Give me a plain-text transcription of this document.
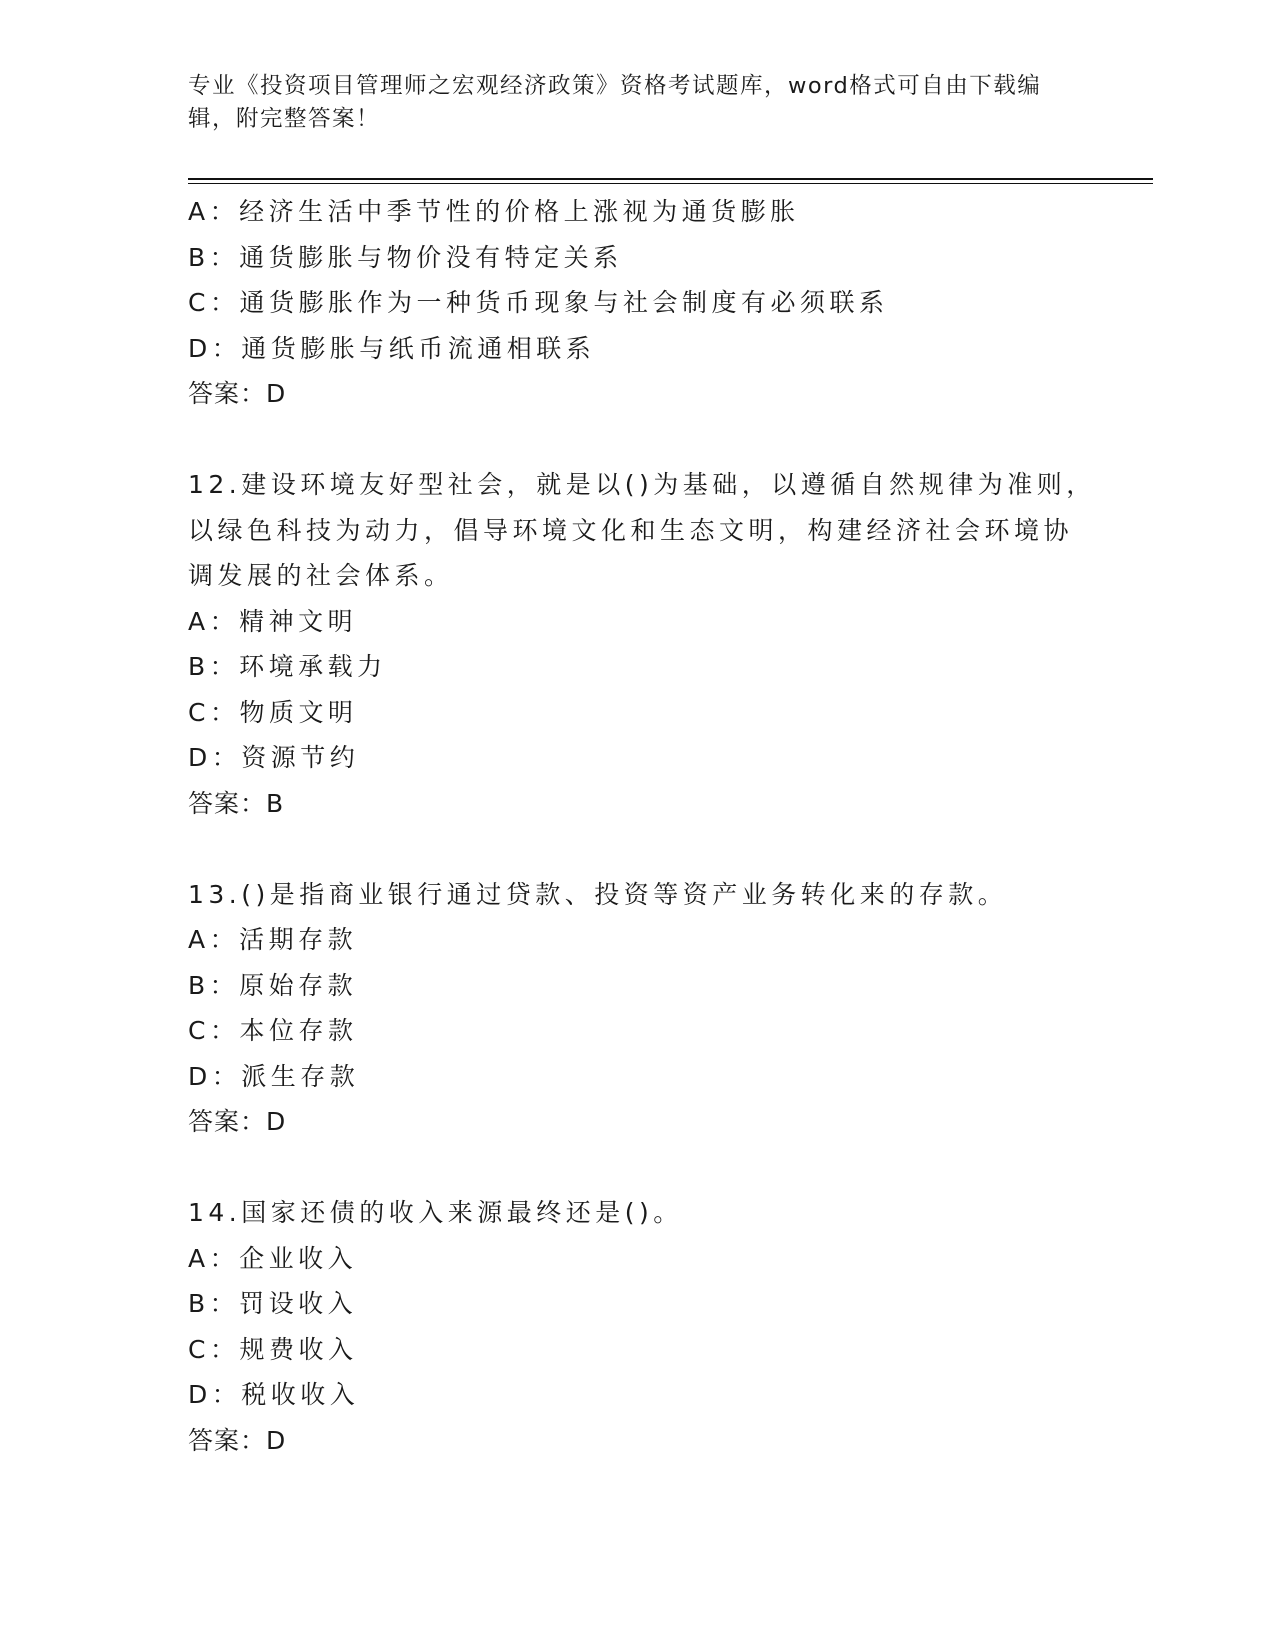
专业《投资项目管理师之宏观经济政策》资格考试题库，word格式可自由下载编
辑，附完整答案！
A：经济生活中季节性的价格上涨视为通货膨胀
B：通货膨胀与物价没有特定关系
C：通货膨胀作为一种货币现象与社会制度有必须联系
D：通货膨胀与纸币流通相联系
答案：D
12.建设环境友好型社会，就是以()为基础，以遵循自然规律为准则，
以绿色科技为动力，倡导环境文化和生态文明，构建经济社会环境协
调发展的社会体系。
A：精神文明
B：环境承载力
C：物质文明
D：资源节约
答案：B
13.()是指商业银行通过贷款、投资等资产业务转化来的存款。
A：活期存款
B：原始存款
C：本位存款
D：派生存款
答案：D
14.国家还债的收入来源最终还是()。
A：企业收入
B：罚设收入
C：规费收入
D：税收收入
答案：D
